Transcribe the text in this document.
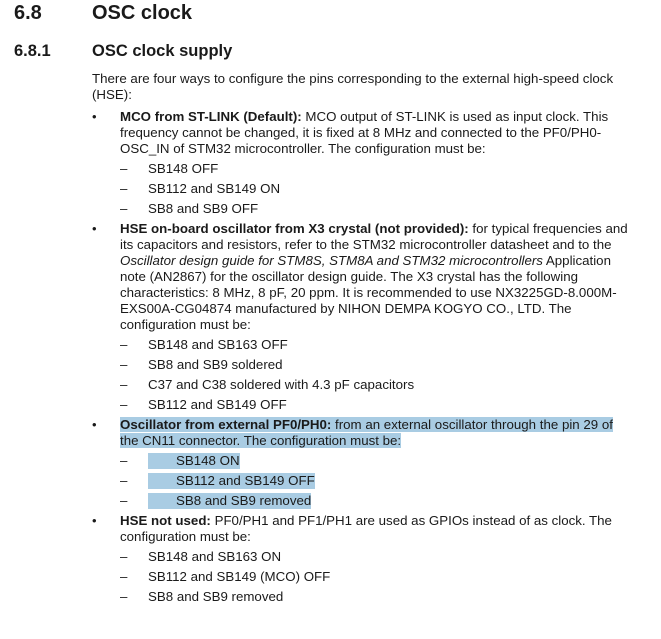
6.8	OSC clock
6.8.1	OSC clock supply

There are four ways to configure the pins corresponding to the external high-speed clock (HSE):

• MCO from ST-LINK (Default): MCO output of ST-LINK is used as input clock. This frequency cannot be changed, it is fixed at 8 MHz and connected to the PF0/PH0-OSC_IN of STM32 microcontroller. The configuration must be:

– SB148 OFF
– SB112 and SB149 ON
– SB8 and SB9 OFF
• HSE on-board oscillator from X3 crystal (not provided): for typical frequencies and its capacitors and resistors, refer to the STM32 microcontroller datasheet and to the Oscillator design guide for STM8S, STM8A and STM32 microcontrollers Application note (AN2867) for the oscillator design guide. The X3 crystal has the following characteristics: 8 MHz, 8 pF, 20 ppm. It is recommended to use NX3225GD-8.000M-EXS00A-CG04874 manufactured by NIHON DEMPA KOGYO CO., LTD. The configuration must be:

– SB148 and SB163 OFF
– SB8 and SB9 soldered
– C37 and C38 soldered with 4.3 pF capacitors
– SB112 and SB149 OFF
• Oscillator from external PF0/PH0: from an external oscillator through the pin 29 of the CN11 connector. The configuration must be:

–	SB148 ON
–	SB112 and SB149 OFF
–	SB8 and SB9 removed
• HSE not used: PF0/PH1 and PF1/PH1 are used as GPIOs instead of as clock. The configuration must be:

– SB148 and SB163 ON
– SB112 and SB149 (MCO) OFF
– SB8 and SB9 removed
